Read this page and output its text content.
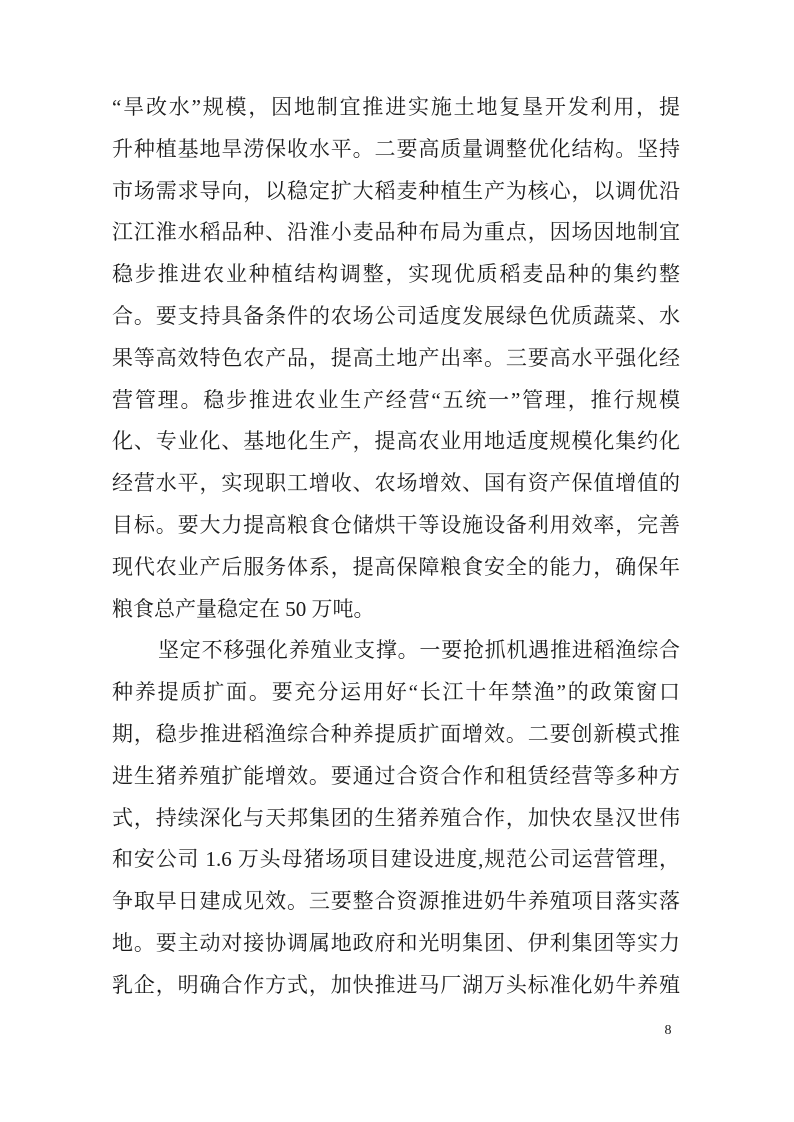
“旱改水”规模，因地制宜推进实施土地复垦开发利用，提
升种植基地旱涝保收水平。二要高质量调整优化结构。坚持
市场需求导向，以稳定扩大稻麦种植生产为核心，以调优沿
江江淮水稻品种、沿淮小麦品种布局为重点，因场因地制宜
稳步推进农业种植结构调整，实现优质稻麦品种的集约整
合。要支持具备条件的农场公司适度发展绿色优质蔬菜、水
果等高效特色农产品，提高土地产出率。三要高水平强化经
营管理。稳步推进农业生产经营“五统一”管理，推行规模
化、专业化、基地化生产，提高农业用地适度规模化集约化
经营水平，实现职工增收、农场增效、国有资产保值增值的
目标。要大力提高粮食仓储烘干等设施设备利用效率，完善
现代农业产后服务体系，提高保障粮食安全的能力，确保年
粮食总产量稳定在 50 万吨。
坚定不移强化养殖业支撑。一要抢抓机遇推进稻渔综合
种养提质扩面。要充分运用好“长江十年禁渔”的政策窗口
期，稳步推进稻渔综合种养提质扩面增效。二要创新模式推
进生猪养殖扩能增效。要通过合资合作和租赁经营等多种方
式，持续深化与天邦集团的生猪养殖合作，加快农垦汉世伟
和安公司 1.6 万头母猪场项目建设进度,规范公司运营管理，
争取早日建成见效。三要整合资源推进奶牛养殖项目落实落
地。要主动对接协调属地政府和光明集团、伊利集团等实力
乳企，明确合作方式，加快推进马厂湖万头标准化奶牛养殖
8
